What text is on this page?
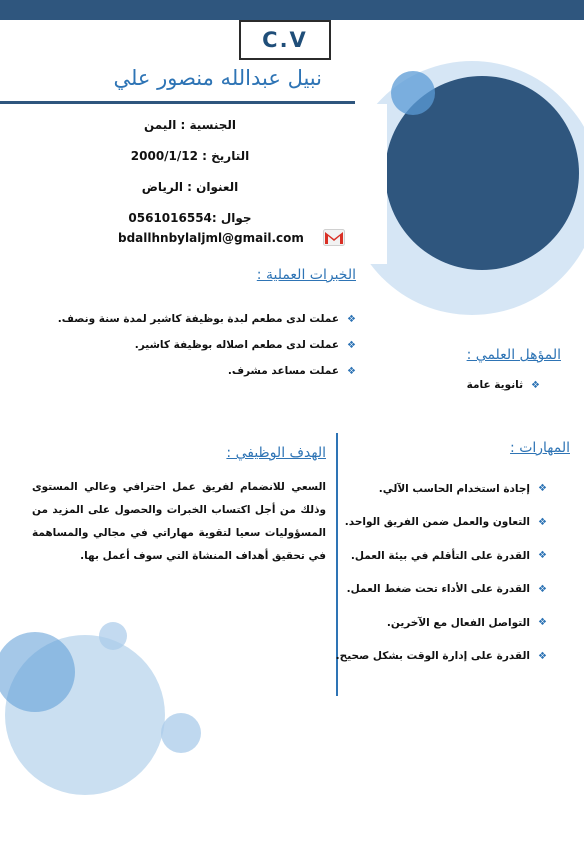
C.V
نبيل عبدالله منصور علي
الجنسية : اليمن
التاريخ : 2000/1/12
العنوان : الرياض
جوال :0561016554
bdallhnbylaljml@gmail.com
الخبرات العملية :
❖
عملت لدى مطعم لبدة بوظيفة كاشير لمدة سنة ونصف.
❖
عملت لدى مطعم اصلاله بوظيفة كاشير.
❖
عملت مساعد مشرف.
المؤهل العلمي :
❖
ثانوية عامة
الهدف الوظيفي :
السعي للانضمام لفريق عمل احترافي وعالي المستوى وذلك من أجل اكتساب الخبرات والحصول على المزيد من المسؤوليات سعيا لتقوية مهاراتي في مجالي والمساهمة في تحقيق أهداف المنشاة التي سوف أعمل بها.
المهارات :
❖
إجادة استخدام الحاسب الآلي.
❖
التعاون والعمل ضمن الفريق الواحد.
❖
القدرة على التأقلم في بيئة العمل.
❖
القدرة على الأداء تحت ضغط العمل.
❖
التواصل الفعال مع الآخرين.
❖
القدرة على إدارة الوقت بشكل صحيح.
